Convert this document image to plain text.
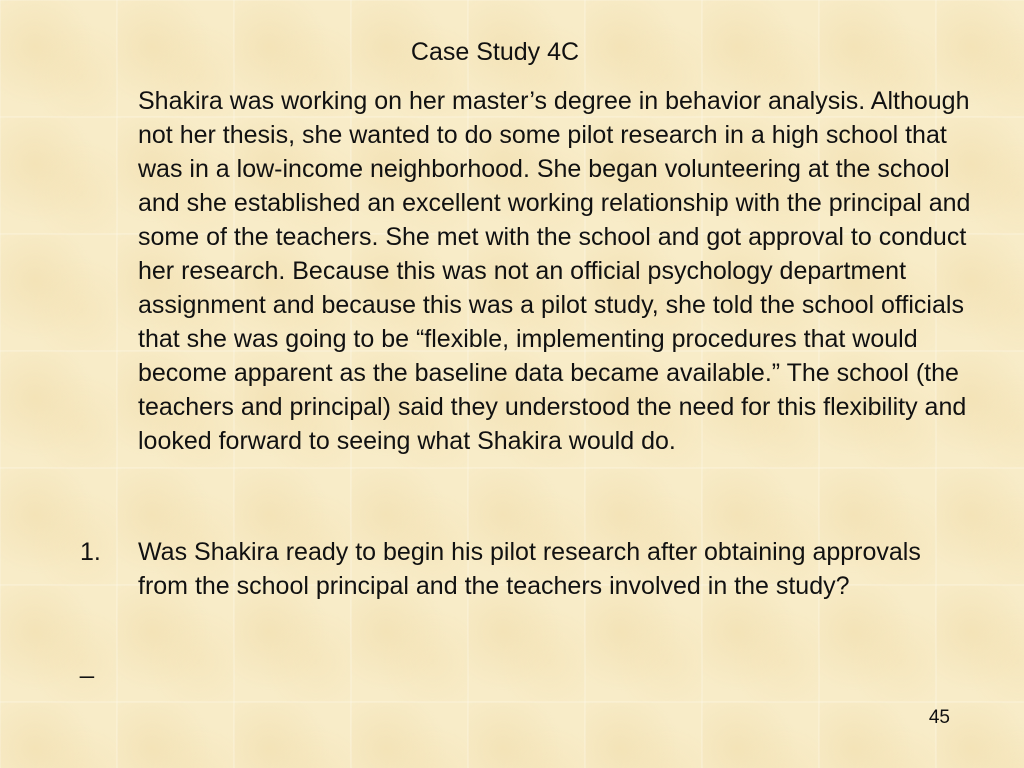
Case Study 4C

Shakira was working on her master’s degree in behavior analysis. Although not her thesis, she wanted to do some pilot research in a high school that was in a low-income neighborhood. She began volunteering at the school and she established an excellent working relationship with the principal and some of the teachers. She met with the school and got approval to conduct her research. Because this was not an official psychology department assignment and because this was a pilot study, she told the school officials that she was going to be “flexible, implementing procedures that would become apparent as the baseline data became available.” The school (the teachers and principal) said they understood the need for this flexibility and looked forward to seeing what Shakira would do.

1.	Was Shakira ready to begin his pilot research after obtaining approvals from the school principal and the teachers involved in the study?
_
45
